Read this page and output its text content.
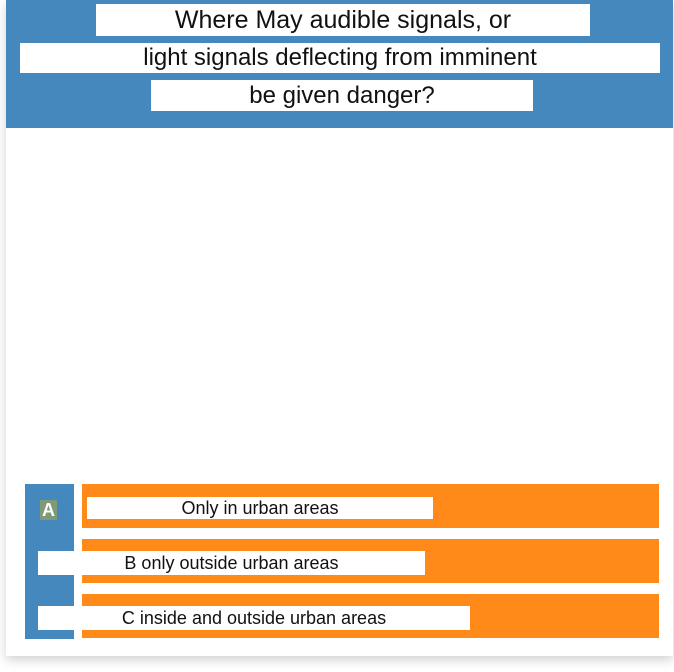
Where May audible signals, or
light signals deflecting from imminent
be given danger?
A	Only in urban areas
B only outside urban areas
C inside and outside urban areas
